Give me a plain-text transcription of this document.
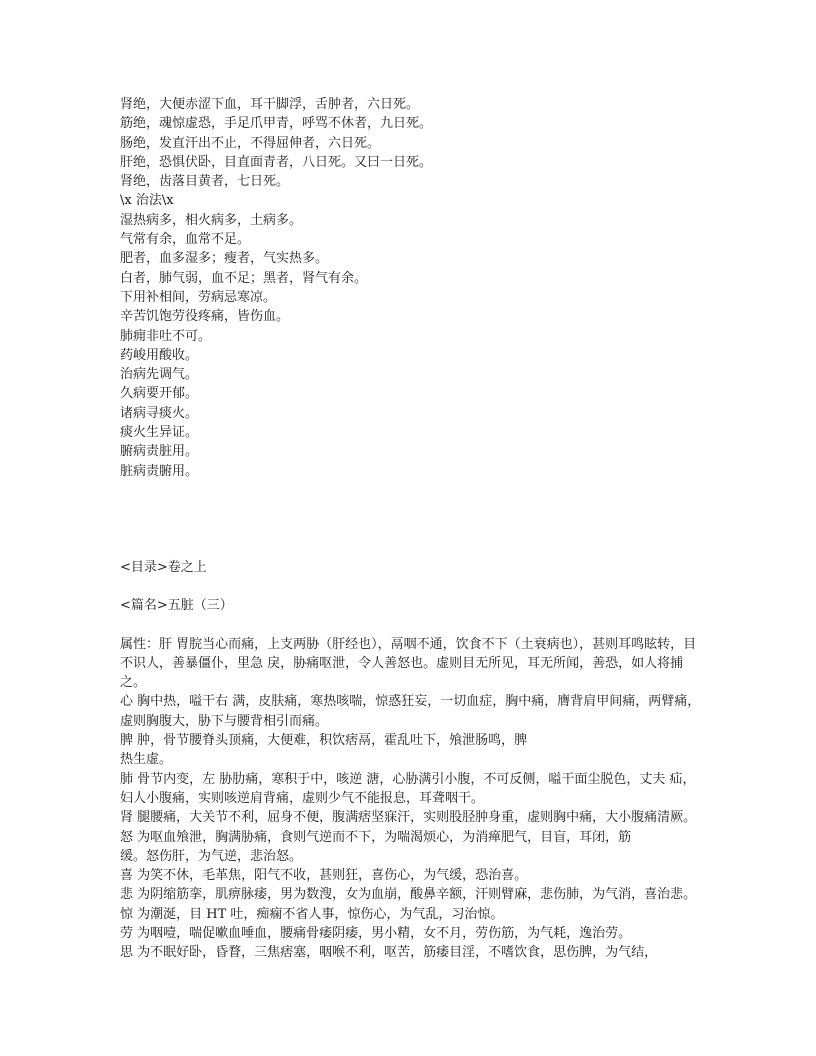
肾绝，大便赤涩下血，耳干脚浮，舌肿者，六日死。

筋绝，魂惊虚恐，手足爪甲青，呼骂不休者，九日死。

肠绝，发直汗出不止，不得屈伸者，六日死。

肝绝，恐惧伏卧，目直面青者，八日死。又曰一日死。

肾绝，齿落目黄者，七日死。

\x 治法\x

湿热病多，相火病多，土病多。

气常有余，血常不足。

肥者，血多湿多；瘦者，气实热多。

白者，肺气弱，血不足；黑者，肾气有余。

下用补相间，劳病忌寒凉。

辛苦饥饱劳役疼痛，皆伤血。

肺痈非吐不可。

药峻用酸收。

治病先调气。

久病要开郁。

诸病寻痰火。

痰火生异证。

腑病责脏用。

脏病责腑用。

<目录>卷之上

<篇名>五脏（三）

属性：肝 胃脘当心而痛，上支两胁（肝经也），鬲咽不通，饮食不下（土衰病也），甚则耳鸣眩转，目

不识人，善暴僵仆，里急 戾，胁痛呕泄，令人善怒也。虚则目无所见，耳无所闻，善恐，如人将捕之。

心 胸中热，嗌干右 满，皮肤痛，寒热咳喘，惊惑狂妄，一切血症，胸中痛，膺背肩甲间痛，两臂痛，虚则胸腹大，胁下与腰背相引而痛。

脾 肿，骨节腰脊头顶痛，大便难，积饮痞鬲，霍乱吐下，飧泄肠鸣，脾

热生虚。

肺 骨节内变，左 胁肋痛，寒积于中，咳逆 溏，心胁满引小腹，不可反侧，嗌干面尘脱色，丈夫 疝，妇人小腹痛，实则咳逆肩背痛，虚则少气不能报息，耳聋咽干。

肾 腿腰痛，大关节不利，屈身不便，腹满痞坚寐汗，实则股胫肿身重，虚则胸中痛，大小腹痛清厥。

怒 为呕血飧泄，胸满胁痛，食则气逆而不下，为喘渴烦心，为消瘅肥气，目盲，耳闭，筋

缓。怒伤肝，为气逆，悲治怒。

喜 为笑不休，毛革焦，阳气不收，甚则狂，喜伤心，为气缓，恐治喜。

悲 为阴缩筋挛，肌痹脉痿，男为数溲，女为血崩，酸鼻辛额，汗则臂麻，悲伤肺，为气消，喜治悲。

惊 为潮涎，目 HT 吐，痴痫不省人事，惊伤心，为气乱，习治惊。

劳 为咽噎，喘促嗽血唾血，腰痛骨痿阴痿，男小精，女不月，劳伤筋，为气耗，逸治劳。

思 为不眠好卧，昏瞀，三焦痞塞，咽喉不利，呕苦，筋痿目淫，不嗜饮食，思伤脾，为气结，
